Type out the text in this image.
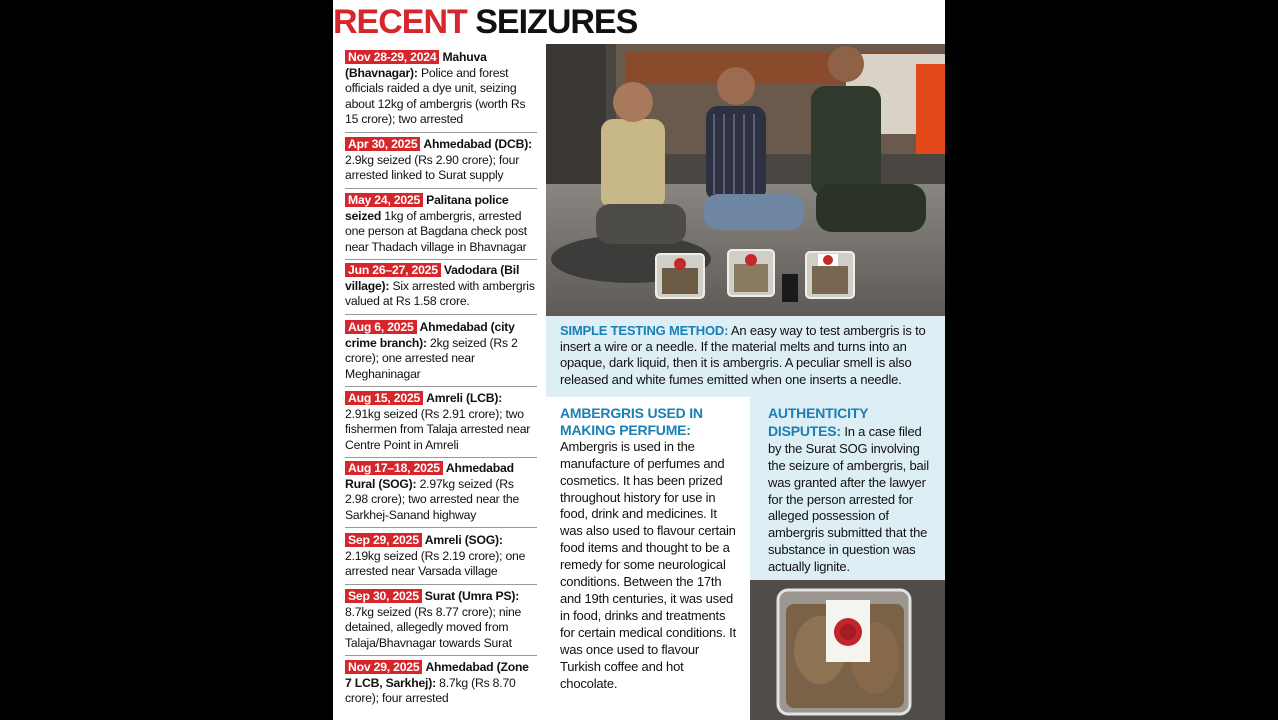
RECENT SEIZURES
Nov 28-29, 2024 Mahuva (Bhavnagar): Police and forest officials raided a dye unit, seizing about 12kg of ambergris (worth Rs 15 crore); two arrested
Apr 30, 2025 Ahmedabad (DCB): 2.9kg seized (Rs 2.90 crore); four arrested linked to Surat supply
May 24, 2025 Palitana police seized 1kg of ambergris, arrested one person at Bagdana check post near Thadach village in Bhavnagar
Jun 26–27, 2025 Vadodara (Bil village): Six arrested with ambergris valued at Rs 1.58 crore.
Aug 6, 2025 Ahmedabad (city crime branch): 2kg seized (Rs 2 crore); one arrested near Meghaninagar
Aug 15, 2025 Amreli (LCB): 2.91kg seized (Rs 2.91 crore); two fishermen from Talaja arrested near Centre Point in Amreli
Aug 17–18, 2025 Ahmedabad Rural (SOG): 2.97kg seized (Rs 2.98 crore); two arrested near the Sarkhej-Sanand highway
Sep 29, 2025 Amreli (SOG): 2.19kg seized (Rs 2.19 crore); one arrested near Varsada village
Sep 30, 2025 Surat (Umra PS): 8.7kg seized (Rs 8.77 crore); nine detained, allegedly moved from Talaja/Bhavnagar towards Surat
Nov 29, 2025 Ahmedabad (Zone 7 LCB, Sarkhej): 8.7kg (Rs 8.70 crore); four arrested
SIMPLE TESTING METHOD: An easy way to test ambergris is to insert a wire or a needle. If the material melts and turns into an opaque, dark liquid, then it is ambergris. A peculiar smell is also released and white fumes emitted when one inserts a needle.
AMBERGRIS USED IN MAKING PERFUME:
Ambergris is used in the manufacture of perfumes and cosmetics. It has been prized throughout history for use in food, drink and medicines. It was also used to flavour certain food items and thought to be a remedy for some neurological conditions. Between the 17th and 19th centuries, it was used in food, drinks and treatments for certain medical conditions. It was once used to flavour Turkish coffee and hot chocolate.
AUTHENTICITY DISPUTES: In a case filed by the Surat SOG involving the seizure of ambergris, bail was granted after the lawyer for the person arrested for alleged possession of ambergris submitted that the substance in question was actually lignite.
